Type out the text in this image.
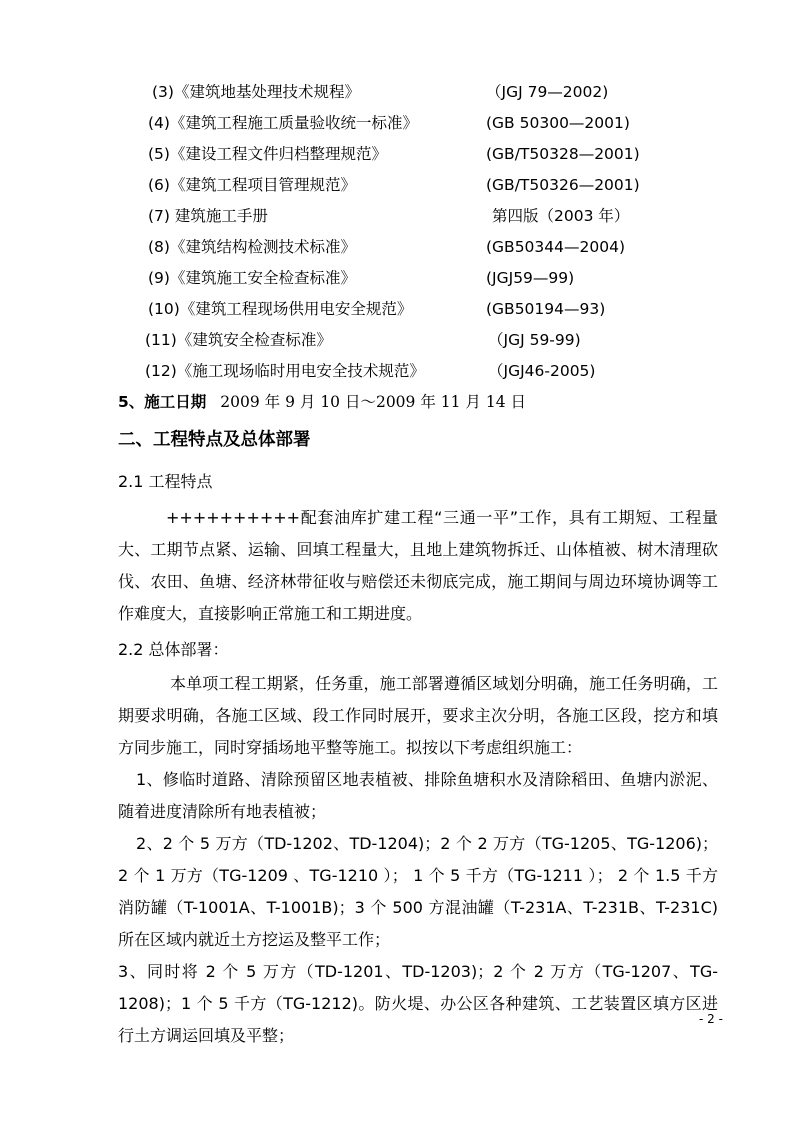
(3)《建筑地基处理技术规程》	（JGJ 79—2002)
(4)《建筑工程施工质量验收统一标准》	(GB 50300—2001)
(5)《建设工程文件归档整理规范》	(GB/T50328—2001)
(6)《建筑工程项目管理规范》	(GB/T50326—2001)
(7) 建筑施工手册	第四版（2003 年）
(8)《建筑结构检测技术标准》	(GB50344—2004)
(9)《建筑施工安全检查标准》	(JGJ59—99)
(10)《建筑工程现场供用电安全规范》	(GB50194—93)
(11)《建筑安全检查标准》	（JGJ 59-99)
(12)《施工现场临时用电安全技术规范》	（JGJ46-2005)
5、施工日期 2009 年 9 月 10 日～2009 年 11 月 14 日
二、工程特点及总体部署
2.1 工程特点
++++++++++配套油库扩建工程“三通一平”工作，具有工期短、工程量大、工期节点紧、运输、回填工程量大，且地上建筑物拆迁、山体植被、树木清理砍伐、农田、鱼塘、经济林带征收与赔偿还未彻底完成，施工期间与周边环境协调等工作难度大，直接影响正常施工和工期进度。
2.2 总体部署：
本单项工程工期紧，任务重，施工部署遵循区域划分明确，施工任务明确，工期要求明确，各施工区域、段工作同时展开，要求主次分明，各施工区段，挖方和填方同步施工，同时穿插场地平整等施工。拟按以下考虑组织施工：
1、修临时道路、清除预留区地表植被、排除鱼塘积水及清除稻田、鱼塘内淤泥、随着进度清除所有地表植被；
2、2 个 5 万方（TD-1202、TD-1204)；2 个 2 万方（TG-1205、TG-1206)；2 个 1 万方（TG-1209 、TG-1210 ）； 1 个 5 千方（TG-1211 ）； 2 个 1.5 千方消防罐（T-1001A、T-1001B)；3 个 500 方混油罐（T-231A、T-231B、T-231C)所在区域内就近土方挖运及整平工作；
3、同时将 2 个 5 万方（TD-1201、TD-1203)；2 个 2 万方（TG-1207、TG-1208)；1 个 5 千方（TG-1212)。防火堤、办公区各种建筑、工艺装置区填方区进行土方调运回填及平整；
- 2 -
